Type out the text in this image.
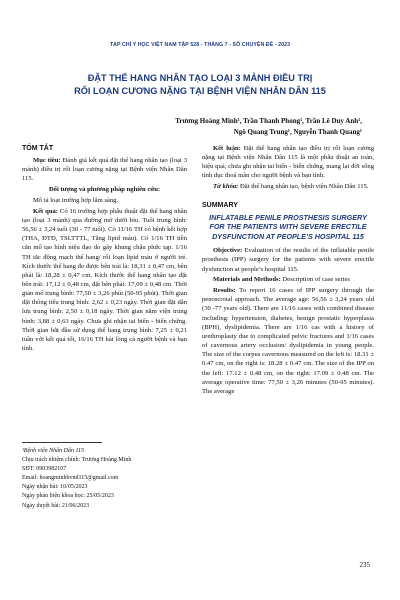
TẠP CHÍ Y HỌC VIỆT NAM TẬP 528 - THÁNG 7 - SỐ CHUYÊN ĐỀ - 2023
ĐẶT THỂ HANG NHÂN TẠO LOẠI 3 MẢNH ĐIỀU TRỊ
RỐI LOẠN CƯƠNG NẶNG TẠI BỆNH VIỆN NHÂN DÂN 115
Trương Hoàng Minh¹, Trần Thanh Phong¹, Trần Lê Duy Anh¹,
Ngô Quang Trung¹, Nguyễn Thanh Quang¹
TÓM TẮT

Mục tiêu: Đánh giá kết quả đặt thể hang nhân tạo (loại 3 mảnh) điều trị rối loạn cương nặng tại Bệnh viện Nhân Dân 115.

Đối tượng và phương pháp nghiên cứu:

Mô tả loạt trường hợp lâm sàng.

Kết quả: Có 16 trường hợp phẫu thuật đặt thể hang nhân tạo (loại 3 mảnh) qua đường mở dưới bìu. Tuổi trung bình: 56,56 ± 3,24 tuổi (30 - 77 tuổi). Có 11/16 TH có bệnh kết hợp (THA, ĐTĐ, TSLTTTL, Tăng lipid máu). Có 1/16 TH tiền căn mổ tạo hình niệu đạo do gãy khung chậu phức tạp. 1/16 TH tắc động mạch thể hang/ rối loạn lipid máu ở người trẻ. Kích thước thể hang đo được bên trái là: 18,31 ± 0,47 cm, bên phải là: 18,28 ± 0,47 cm. Kích thước thể hang nhân tạo đặt bên trái: 17,12 ± 0,48 cm, đặt bên phải: 17,09 ± 0,48 cm. Thời gian mổ trung bình: 77,50 ± 3,26 phút (50-95 phút). Thời gian đặt thông tiểu trung bình: 2,62 ± 0,23 ngày. Thời gian đặt dẫn lưu trung bình: 2,50 ± 0,18 ngày. Thời gian nằm viện trung bình: 3,88 ± 0,63 ngày. Chưa ghi nhận tai biến - biến chứng. Thời gian bắt đầu sử dụng thể hang trung bình: 7,25 ± 0,21 tuần với kết quả tốt, 16/16 TH hài lòng cả người bệnh và bạn tình.

Kết luận: Đặt thể hang nhân tạo điều trị rối loạn cương nặng tại Bệnh viện Nhân Dân 115 là một phẫu thuật an toàn, hiệu quả, chưa ghi nhận tai biến - biến chứng, mang lại đời sống tình dục thoả mãn cho người bệnh và bạn tình.

Từ khóa: Đặt thể hang nhân tạo, bệnh viện Nhân Dân 115.

SUMMARY
INFLATABLE PENILE PROSTHESIS SURGERY FOR THE PATIENTS WITH SEVERE ERECTILE DYSFUNCTION AT PEOPLE’S HOSPITAL 115

Objective: Evaluation of the results of the inflatable penile prosthesis (IPP) surgery for the patients with severe erectile dysfunction at people’s hospital 115.

Materials and Methods: Description of case series

Results: To report 16 cases of IPP surgery through the penoscrotal approach. The average age: 56,56 ± 3,24 years old (30 -77 years old). There are 11/16 cases with combined disease including: hypertension, diabetes, benign prostatic hyperplasia (BPH), dyslipidemia. There are 1/16 cas with a history of urethroplasty due to complicated pelvic fractures and 1/16 cases of cavernous artery occlusion/ dyslipidemia in young people. The size of the corpus cavernous measured on the left is: 18.31 ± 0.47 cm, on the right is: 18.28 ± 0.47 cm. The size of the IPP on the left: 17.12 ± 0.48 cm, on the right: 17.09 ± 0.48 cm. The average operative time: 77,50 ± 3,26 minutes (50-95 minutes). The average

¹Bệnh viện Nhân Dân 115
Chịu trách nhiệm chính: Trương Hoàng Minh
SĐT: 0903982107
Email: hoangminhbvnd115@gmail.com
Ngày nhận bài: 10/05/2023
Ngày phản biện khoa học: 25/05/2023
Ngày duyệt bài: 21/06/2023
235
